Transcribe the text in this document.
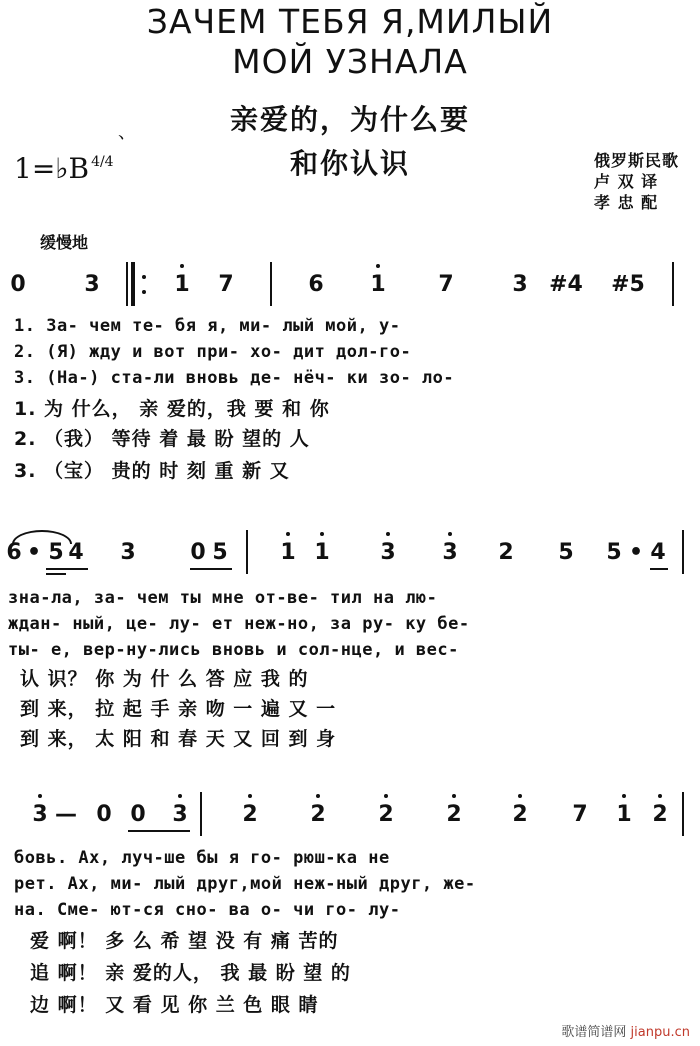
ЗАЧЕМ ТЕБЯ Я,МИЛЫЙ
МОЙ УЗНАЛА
亲爱的，为什么要
和你认识
、
1=♭B $^{4/4}$	俄罗斯民歌
卢 双 译
孝 忠 配
缓慢地
0	3	1 7	6 1 7	3 #4 #5
1. За- чем те- бя я, ми- лый мой, у-
2. (Я) жду и вот при- хо- дит дол-го-
3. (На-) ста-ли вновь де- нёч- ки зо- ло-
1. 为 什么， 亲 爱的，我 要 和 你
2. （我） 等待 着 最 盼 望的 人
3. （宝） 贵的 时 刻 重 新 又
6 • 5 4 3 0 5 1 1 3 3 2 5 5 • 4
зна-ла, за- чем ты мне от-ве- тил на лю-
ждан- ный, це- лу- ет неж-но, за ру- ку бе-
ты- е, вер-ну-лись вновь и сол-нце, и вес-
认 识？ 你 为 什 么 答 应 我 的
到 来， 拉 起 手 亲 吻 一 遍 又 一
到 来， 太 阳 和 春 天 又 回 到 身
3 — 0 0 3 2 2 2 2 2 7 1 2
бовь. Ах, луч-ше бы я го- рюш-ка не
рет. Ах, ми- лый друг,мой неж-ный друг, же-
на. Сме- ют-ся сно- ва о- чи го- лу-
爱 啊！ 多 么 希 望 没 有 痛 苦的
追 啊！ 亲 爱的人， 我 最 盼 望 的
边 啊！ 又 看 见 你 兰 色 眼 睛
歌谱简谱网 jianpu.cn
